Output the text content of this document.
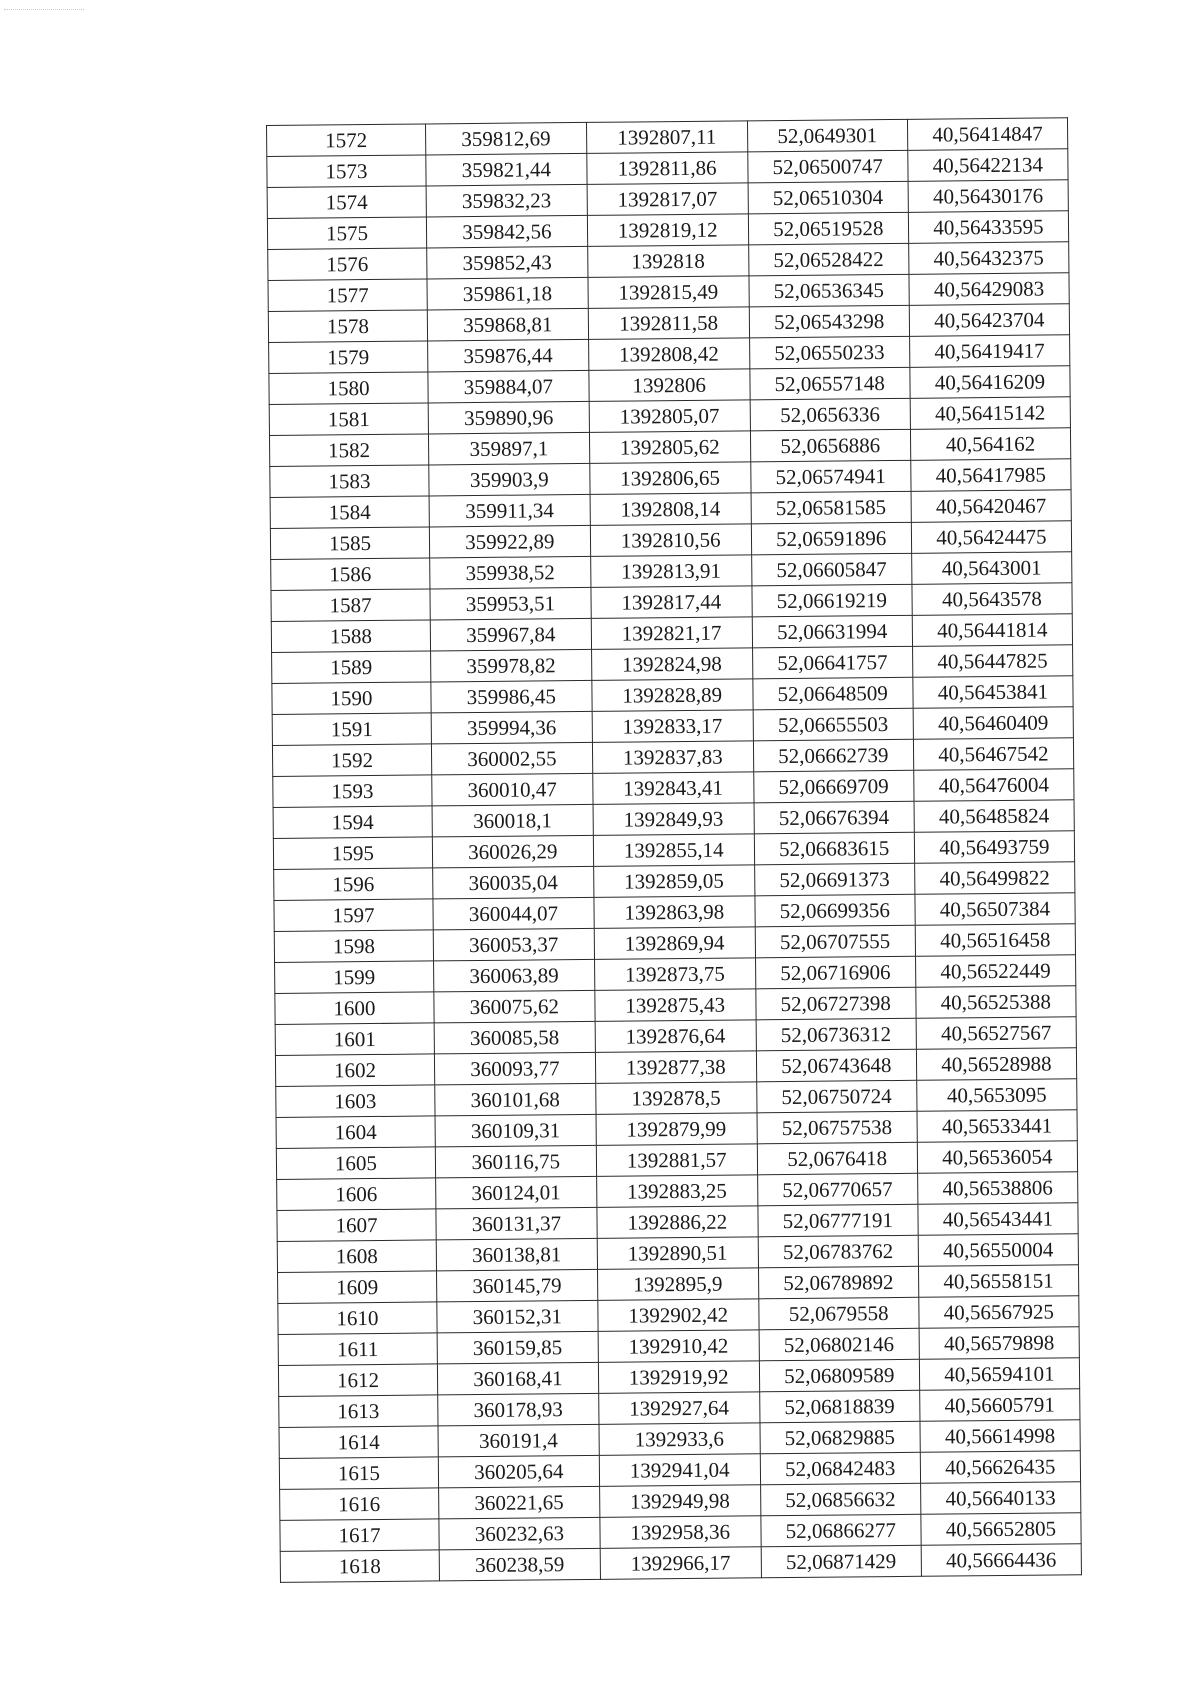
1572	359812,69	1392807,11	52,0649301	40,56414847
1573	359821,44	1392811,86	52,06500747	40,56422134
1574	359832,23	1392817,07	52,06510304	40,56430176
1575	359842,56	1392819,12	52,06519528	40,56433595
1576	359852,43	1392818	52,06528422	40,56432375
1577	359861,18	1392815,49	52,06536345	40,56429083
1578	359868,81	1392811,58	52,06543298	40,56423704
1579	359876,44	1392808,42	52,06550233	40,56419417
1580	359884,07	1392806	52,06557148	40,56416209
1581	359890,96	1392805,07	52,0656336	40,56415142
1582	359897,1	1392805,62	52,0656886	40,564162
1583	359903,9	1392806,65	52,06574941	40,56417985
1584	359911,34	1392808,14	52,06581585	40,56420467
1585	359922,89	1392810,56	52,06591896	40,56424475
1586	359938,52	1392813,91	52,06605847	40,5643001
1587	359953,51	1392817,44	52,06619219	40,5643578
1588	359967,84	1392821,17	52,06631994	40,56441814
1589	359978,82	1392824,98	52,06641757	40,56447825
1590	359986,45	1392828,89	52,06648509	40,56453841
1591	359994,36	1392833,17	52,06655503	40,56460409
1592	360002,55	1392837,83	52,06662739	40,56467542
1593	360010,47	1392843,41	52,06669709	40,56476004
1594	360018,1	1392849,93	52,06676394	40,56485824
1595	360026,29	1392855,14	52,06683615	40,56493759
1596	360035,04	1392859,05	52,06691373	40,56499822
1597	360044,07	1392863,98	52,06699356	40,56507384
1598	360053,37	1392869,94	52,06707555	40,56516458
1599	360063,89	1392873,75	52,06716906	40,56522449
1600	360075,62	1392875,43	52,06727398	40,56525388
1601	360085,58	1392876,64	52,06736312	40,56527567
1602	360093,77	1392877,38	52,06743648	40,56528988
1603	360101,68	1392878,5	52,06750724	40,5653095
1604	360109,31	1392879,99	52,06757538	40,56533441
1605	360116,75	1392881,57	52,0676418	40,56536054
1606	360124,01	1392883,25	52,06770657	40,56538806
1607	360131,37	1392886,22	52,06777191	40,56543441
1608	360138,81	1392890,51	52,06783762	40,56550004
1609	360145,79	1392895,9	52,06789892	40,56558151
1610	360152,31	1392902,42	52,0679558	40,56567925
1611	360159,85	1392910,42	52,06802146	40,56579898
1612	360168,41	1392919,92	52,06809589	40,56594101
1613	360178,93	1392927,64	52,06818839	40,56605791
1614	360191,4	1392933,6	52,06829885	40,56614998
1615	360205,64	1392941,04	52,06842483	40,56626435
1616	360221,65	1392949,98	52,06856632	40,56640133
1617	360232,63	1392958,36	52,06866277	40,56652805
1618	360238,59	1392966,17	52,06871429	40,56664436
